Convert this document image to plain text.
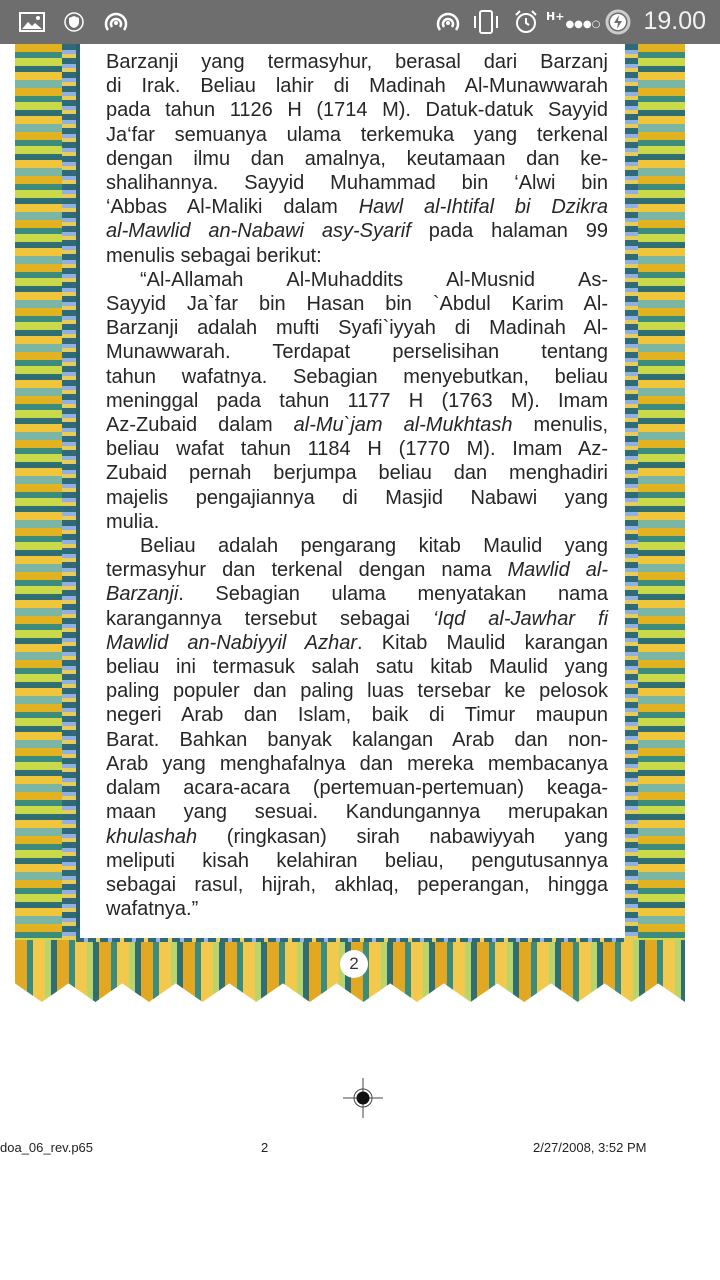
H+
●●●○ 19.00
2
Barzanji yang termasyhur, berasal dari Barzanj
di Irak. Beliau lahir di Madinah Al-Munawwarah
pada tahun 1126 H (1714 M). Datuk-datuk Sayyid
Ja‘far semuanya ulama terkemuka yang terkenal
dengan ilmu dan amalnya, keutamaan dan ke-
shalihannya. Sayyid Muhammad bin ‘Alwi bin
‘Abbas Al-Maliki dalam Hawl al-Ihtifal bi Dzikra
al-Mawlid an-Nabawi asy-Syarif pada halaman 99
menulis sebagai berikut:
“Al-Allamah Al-Muhaddits Al-Musnid As-
Sayyid Ja`far bin Hasan bin `Abdul Karim Al-
Barzanji adalah mufti Syafi`iyyah di Madinah Al-
Munawwarah. Terdapat perselisihan tentang
tahun wafatnya. Sebagian menyebutkan, beliau
meninggal pada tahun 1177 H (1763 M). Imam
Az-Zubaid dalam al-Mu`jam al-Mukhtash menulis,
beliau wafat tahun 1184 H (1770 M). Imam Az-
Zubaid pernah berjumpa beliau dan menghadiri
majelis pengajiannya di Masjid Nabawi yang
mulia.
Beliau adalah pengarang kitab Maulid yang
termasyhur dan terkenal dengan nama Mawlid al-
Barzanji. Sebagian ulama menyatakan nama
karangannya tersebut sebagai ‘Iqd al-Jawhar fi
Mawlid an-Nabiyyil Azhar. Kitab Maulid karangan
beliau ini termasuk salah satu kitab Maulid yang
paling populer dan paling luas tersebar ke pelosok
negeri Arab dan Islam, baik di Timur maupun
Barat. Bahkan banyak kalangan Arab dan non-
Arab yang menghafalnya dan mereka membacanya
dalam acara-acara (pertemuan-pertemuan) keaga-
maan yang sesuai. Kandungannya merupakan
khulashah (ringkasan) sirah nabawiyyah yang
meliputi kisah kelahiran beliau, pengutusannya
sebagai rasul, hijrah, akhlaq, peperangan, hingga
wafatnya.”
doa_06_rev.p65	2	2/27/2008, 3:52 PM
